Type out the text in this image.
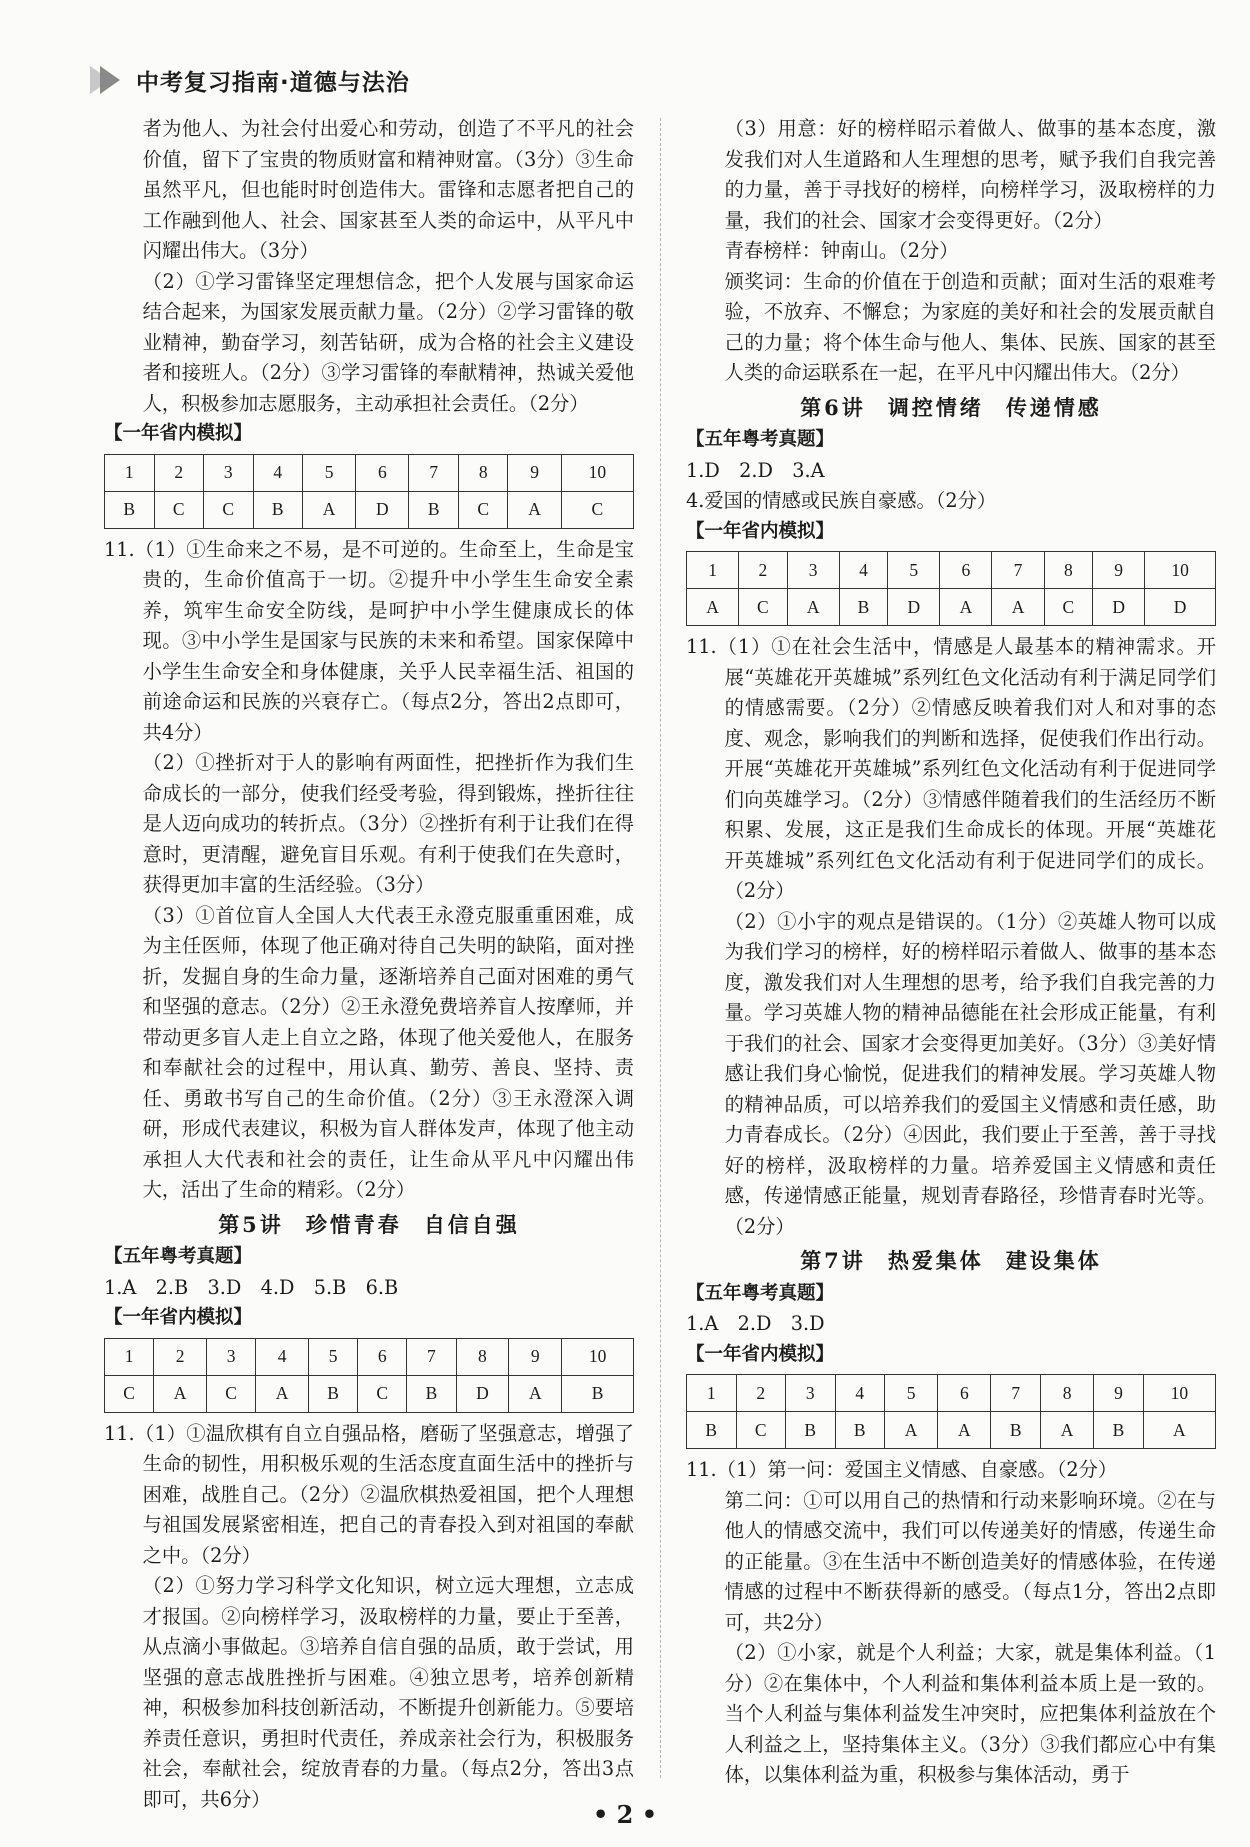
中考复习指南·道德与法治

者为他人、为社会付出爱心和劳动，创造了不平凡的社会价值，留下了宝贵的物质财富和精神财富。（3分）③生命虽然平凡，但也能时时创造伟大。雷锋和志愿者把自己的工作融到他人、社会、国家甚至人类的命运中，从平凡中闪耀出伟大。（3分）

（2）①学习雷锋坚定理想信念，把个人发展与国家命运结合起来，为国家发展贡献力量。（2分）②学习雷锋的敬业精神，勤奋学习，刻苦钻研，成为合格的社会主义建设者和接班人。（2分）③学习雷锋的奉献精神，热诚关爱他人，积极参加志愿服务，主动承担社会责任。（2分）

【一年省内模拟】

1	2	3	4	5	6	7	8	9	10
B	C	C	B	A	D	B	C	A	C

11.（1）①生命来之不易，是不可逆的。生命至上，生命是宝贵的，生命价值高于一切。②提升中小学生生命安全素养，筑牢生命安全防线，是呵护中小学生健康成长的体现。③中小学生是国家与民族的未来和希望。国家保障中小学生生命安全和身体健康，关乎人民幸福生活、祖国的前途命运和民族的兴衰存亡。（每点2分，答出2点即可，共4分）

（2）①挫折对于人的影响有两面性，把挫折作为我们生命成长的一部分，使我们经受考验，得到锻炼，挫折往往是人迈向成功的转折点。（3分）②挫折有利于让我们在得意时，更清醒，避免盲目乐观。有利于使我们在失意时，获得更加丰富的生活经验。（3分）

（3）①首位盲人全国人大代表王永澄克服重重困难，成为主任医师，体现了他正确对待自己失明的缺陷，面对挫折，发掘自身的生命力量，逐渐培养自己面对困难的勇气和坚强的意志。（2分）②王永澄免费培养盲人按摩师，并带动更多盲人走上自立之路，体现了他关爱他人，在服务和奉献社会的过程中，用认真、勤劳、善良、坚持、责任、勇敢书写自己的生命价值。（2分）③王永澄深入调研，形成代表建议，积极为盲人群体发声，体现了他主动承担人大代表和社会的责任，让生命从平凡中闪耀出伟大，活出了生命的精彩。（2分）

第5讲 珍惜青春 自信自强

【五年粤考真题】

1.A　2.B　3.D　4.D　5.B　6.B

【一年省内模拟】

1	2	3	4	5	6	7	8	9	10
C	A	C	A	B	C	B	D	A	B

11.（1）①温欣棋有自立自强品格，磨砺了坚强意志，增强了生命的韧性，用积极乐观的生活态度直面生活中的挫折与困难，战胜自己。（2分）②温欣棋热爱祖国，把个人理想与祖国发展紧密相连，把自己的青春投入到对祖国的奉献之中。（2分）

（2）①努力学习科学文化知识，树立远大理想，立志成才报国。②向榜样学习，汲取榜样的力量，要止于至善，从点滴小事做起。③培养自信自强的品质，敢于尝试，用坚强的意志战胜挫折与困难。④独立思考，培养创新精神，积极参加科技创新活动，不断提升创新能力。⑤要培养责任意识，勇担时代责任，养成亲社会行为，积极服务社会，奉献社会，绽放青春的力量。（每点2分，答出3点即可，共6分）

（3）用意：好的榜样昭示着做人、做事的基本态度，激发我们对人生道路和人生理想的思考，赋予我们自我完善的力量，善于寻找好的榜样，向榜样学习，汲取榜样的力量，我们的社会、国家才会变得更好。（2分）

青春榜样：钟南山。（2分）

颁奖词：生命的价值在于创造和贡献；面对生活的艰难考验，不放弃、不懈怠；为家庭的美好和社会的发展贡献自己的力量；将个体生命与他人、集体、民族、国家的甚至人类的命运联系在一起，在平凡中闪耀出伟大。（2分）

第6讲 调控情绪 传递情感

【五年粤考真题】

1.D　2.D　3.A

4.爱国的情感或民族自豪感。（2分）

【一年省内模拟】

1	2	3	4	5	6	7	8	9	10
A	C	A	B	D	A	A	C	D	D

11.（1）①在社会生活中，情感是人最基本的精神需求。开展“英雄花开英雄城”系列红色文化活动有利于满足同学们的情感需要。（2分）②情感反映着我们对人和对事的态度、观念，影响我们的判断和选择，促使我们作出行动。开展“英雄花开英雄城”系列红色文化活动有利于促进同学们向英雄学习。（2分）③情感伴随着我们的生活经历不断积累、发展，这正是我们生命成长的体现。开展“英雄花开英雄城”系列红色文化活动有利于促进同学们的成长。（2分）

（2）①小宇的观点是错误的。（1分）②英雄人物可以成为我们学习的榜样，好的榜样昭示着做人、做事的基本态度，激发我们对人生理想的思考，给予我们自我完善的力量。学习英雄人物的精神品德能在社会形成正能量，有利于我们的社会、国家才会变得更加美好。（3分）③美好情感让我们身心愉悦，促进我们的精神发展。学习英雄人物的精神品质，可以培养我们的爱国主义情感和责任感，助力青春成长。（2分）④因此，我们要止于至善，善于寻找好的榜样，汲取榜样的力量。培养爱国主义情感和责任感，传递情感正能量，规划青春路径，珍惜青春时光等。（2分）

第7讲 热爱集体 建设集体

【五年粤考真题】

1.A　2.D　3.D

【一年省内模拟】

1	2	3	4	5	6	7	8	9	10
B	C	B	B	A	A	B	A	B	A

11.（1）第一问：爱国主义情感、自豪感。（2分）

第二问：①可以用自己的热情和行动来影响环境。②在与他人的情感交流中，我们可以传递美好的情感，传递生命的正能量。③在生活中不断创造美好的情感体验，在传递情感的过程中不断获得新的感受。（每点1分，答出2点即可，共2分）

（2）①小家，就是个人利益；大家，就是集体利益。（1分）②在集体中，个人利益和集体利益本质上是一致的。当个人利益与集体利益发生冲突时，应把集体利益放在个人利益之上，坚持集体主义。（3分）③我们都应心中有集体，以集体利益为重，积极参与集体活动，勇于

• 2 •
